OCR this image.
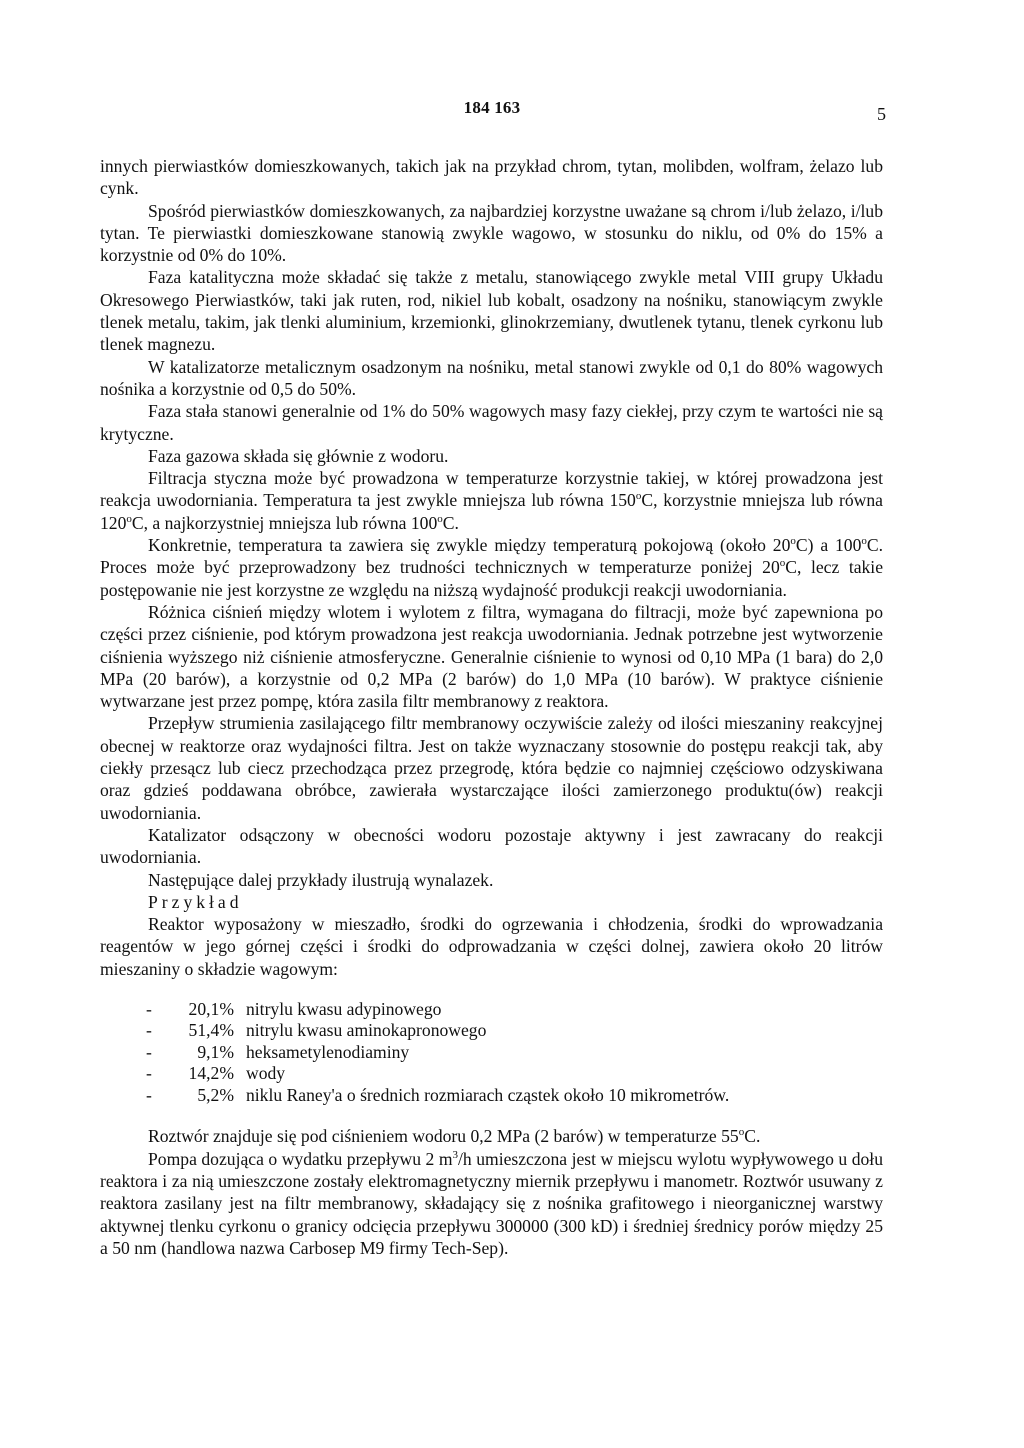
184 163	5

innych pierwiastków domieszkowanych, takich jak na przykład chrom, tytan, molibden, wolfram, żelazo lub cynk.

Spośród pierwiastków domieszkowanych, za najbardziej korzystne uważane są chrom i/lub żelazo, i/lub tytan. Te pierwiastki domieszkowane stanowią zwykle wagowo, w stosunku do niklu, od 0% do 15% a korzystnie od 0% do 10%.

Faza katalityczna może składać się także z metalu, stanowiącego zwykle metal VIII grupy Układu Okresowego Pierwiastków, taki jak ruten, rod, nikiel lub kobalt, osadzony na nośniku, stanowiącym zwykle tlenek metalu, takim, jak tlenki aluminium, krzemionki, glinokrzemiany, dwutlenek tytanu, tlenek cyrkonu lub tlenek magnezu.

W katalizatorze metalicznym osadzonym na nośniku, metal stanowi zwykle od 0,1 do 80% wagowych nośnika a korzystnie od 0,5 do 50%.

Faza stała stanowi generalnie od 1% do 50% wagowych masy fazy ciekłej, przy czym te wartości nie są krytyczne.

Faza gazowa składa się głównie z wodoru.

Filtracja styczna może być prowadzona w temperaturze korzystnie takiej, w której prowadzona jest reakcja uwodorniania. Temperatura ta jest zwykle mniejsza lub równa 150$^o$C, korzystnie mniejsza lub równa 120$^o$C, a najkorzystniej mniejsza lub równa 100$^o$C.

Konkretnie, temperatura ta zawiera się zwykle między temperaturą pokojową (około 20$^o$C) a 100$^o$C. Proces może być przeprowadzony bez trudności technicznych w temperaturze poniżej 20$^o$C, lecz takie postępowanie nie jest korzystne ze względu na niższą wydajność produkcji reakcji uwodorniania.

Różnica ciśnień między wlotem i wylotem z filtra, wymagana do filtracji, może być zapewniona po części przez ciśnienie, pod którym prowadzona jest reakcja uwodorniania. Jednak potrzebne jest wytworzenie ciśnienia wyższego niż ciśnienie atmosferyczne. Generalnie ciśnienie to wynosi od 0,10 MPa (1 bara) do 2,0 MPa (20 barów), a korzystnie od 0,2 MPa (2 barów) do 1,0 MPa (10 barów). W praktyce ciśnienie wytwarzane jest przez pompę, która zasila filtr membranowy z reaktora.

Przepływ strumienia zasilającego filtr membranowy oczywiście zależy od ilości mieszaniny reakcyjnej obecnej w reaktorze oraz wydajności filtra. Jest on także wyznaczany stosownie do postępu reakcji tak, aby ciekły przesącz lub ciecz przechodząca przez przegrodę, która będzie co najmniej częściowo odzyskiwana oraz gdzieś poddawana obróbce, zawierała wystarczające ilości zamierzonego produktu(ów) reakcji uwodorniania.

Katalizator odsączony w obecności wodoru pozostaje aktywny i jest zawracany do reakcji uwodorniania.

Następujące dalej przykłady ilustrują wynalazek.

Przykład

Reaktor wyposażony w mieszadło, środki do ogrzewania i chłodzenia, środki do wprowadzania reagentów w jego górnej części i środki do odprowadzania w części dolnej, zawiera około 20 litrów mieszaniny o składzie wagowym:

-	20,1% nitrylu kwasu adypinowego
-	51,4% nitrylu kwasu aminokapronowego
-	9,1% heksametylenodiaminy
-	14,2% wody
-	5,2% niklu Raney'a o średnich rozmiarach cząstek około 10 mikrometrów.

Roztwór znajduje się pod ciśnieniem wodoru 0,2 MPa (2 barów) w temperaturze 55$^o$C.

Pompa dozująca o wydatku przepływu 2 $m^3/h$ umieszczona jest w miejscu wylotu wypływowego u dołu reaktora i za nią umieszczone zostały elektromagnetyczny miernik przepływu i manometr. Roztwór usuwany z reaktora zasilany jest na filtr membranowy, składający się z nośnika grafitowego i nieorganicznej warstwy aktywnej tlenku cyrkonu o granicy odcięcia przepływu 300000 (300 kD) i średniej średnicy porów między 25 a 50 nm (handlowa nazwa Carbosep M9 firmy Tech-Sep).
